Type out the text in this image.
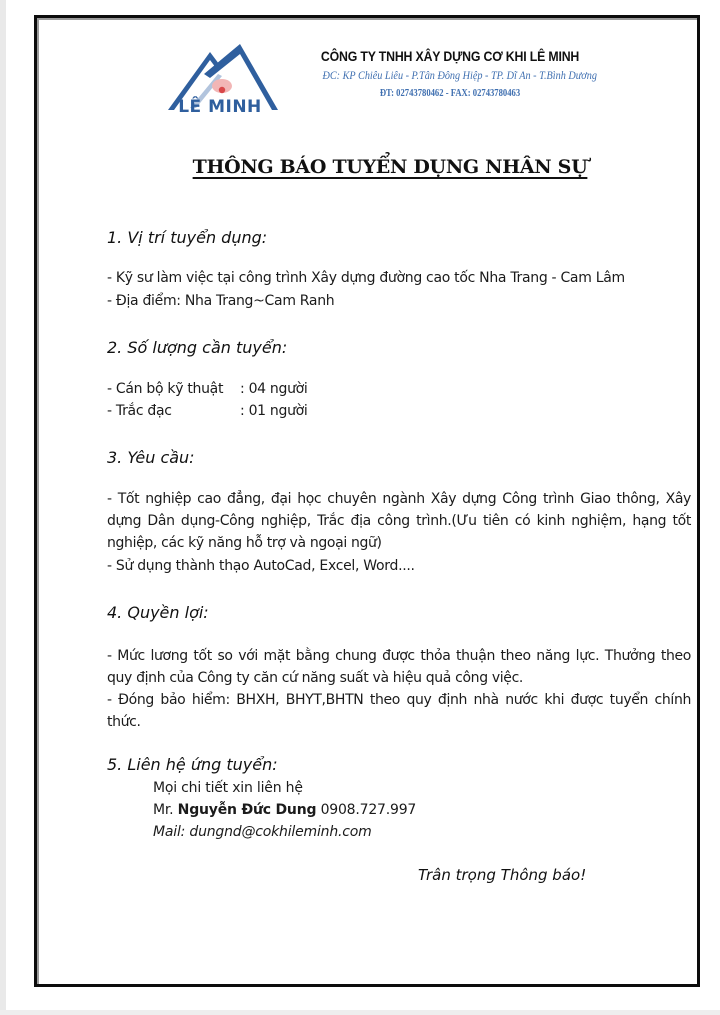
LÊ MINH
CÔNG TY TNHH XÂY DỰNG CƠ KHI LÊ MINH
ĐC: KP Chiêu Liêu - P.Tân Đông Hiệp - TP. Dĩ An - T.Bình Dương
ĐT: 02743780462 - FAX: 02743780463
THÔNG BÁO TUYỂN DỤNG NHÂN SỰ
1. Vị trí tuyển dụng:
- Kỹ sư làm việc tại công trình Xây dựng đường cao tốc Nha Trang - Cam Lâm
- Địa điểm: Nha Trang~Cam Ranh
2. Số lượng cần tuyển:
- Cán bộ kỹ thuật : 04 người
- Trắc đạc	: 01 người
3. Yêu cầu:
- Tốt nghiệp cao đẳng, đại học chuyên ngành Xây dựng Công trình Giao thông, Xây dựng Dân dụng-Công nghiệp, Trắc địa công trình.(Ưu tiên có kinh nghiệm, hạng tốt nghiệp, các kỹ năng hỗ trợ và ngoại ngữ)
- Sử dụng thành thạo AutoCad, Excel, Word....
4. Quyền lợi:
- Mức lương tốt so với mặt bằng chung được thỏa thuận theo năng lực. Thưởng theo quy định của Công ty căn cứ năng suất và hiệu quả công việc.
- Đóng bảo hiểm: BHXH, BHYT,BHTN theo quy định nhà nước khi được tuyển chính thức.
5. Liên hệ ứng tuyển:
Mọi chi tiết xin liên hệ
Mr. Nguyễn Đức Dung 0908.727.997
Mail: dungnd@cokhileminh.com
Trân trọng Thông báo!
